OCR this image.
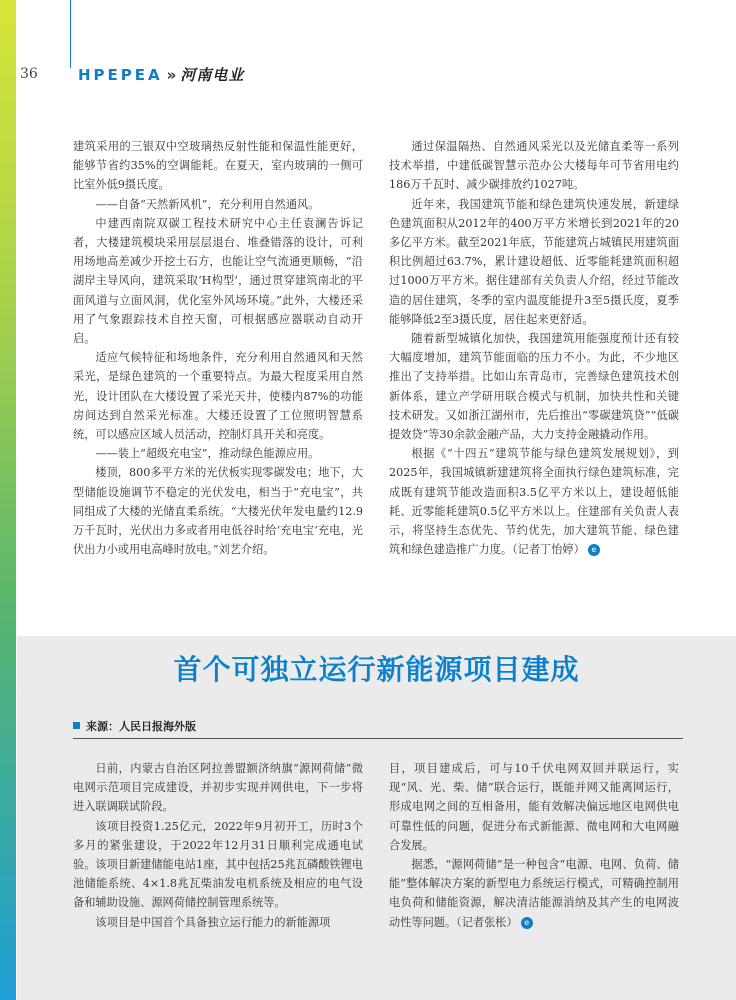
36	HPEPEA » 河南电业

建筑采用的三银双中空玻璃热反射性能和保温性能更好，能够节省约35%的空调能耗。在夏天，室内玻璃的一侧可比室外低9摄氏度。

——自备“天然新风机”，充分利用自然通风。

中建西南院双碳工程技术研究中心主任袁澜告诉记者，大楼建筑模块采用层层退台、堆叠错落的设计，可利用场地高差减少开挖土石方，也能让空气流通更顺畅，“沿湖岸主导风向，建筑采取‘H构型’，通过贯穿建筑南北的平面风道与立面风洞，优化室外风场环境。”此外，大楼还采用了气象跟踪技术自控天窗，可根据感应器联动自动开启。

适应气候特征和场地条件，充分利用自然通风和天然采光，是绿色建筑的一个重要特点。为最大程度采用自然光，设计团队在大楼设置了采光天井，使楼内87%的功能房间达到自然采光标准。大楼还设置了工位照明智慧系统，可以感应区域人员活动，控制灯具开关和亮度。

——装上“超级充电宝”，推动绿色能源应用。

楼顶，800多平方米的光伏板实现零碳发电；地下，大型储能设施调节不稳定的光伏发电，相当于“充电宝”，共同组成了大楼的光储直柔系统。“大楼光伏年发电量约12.9万千瓦时，光伏出力多或者用电低谷时给‘充电宝’充电，光伏出力小或用电高峰时放电。”刘艺介绍。

通过保温隔热、自然通风采光以及光储直柔等一系列技术举措，中建低碳智慧示范办公大楼每年可节省用电约186万千瓦时、减少碳排放约1027吨。

近年来，我国建筑节能和绿色建筑快速发展，新建绿色建筑面积从2012年的400万平方米增长到2021年的20多亿平方米。截至2021年底，节能建筑占城镇民用建筑面积比例超过63.7%，累计建设超低、近零能耗建筑面积超过1000万平方米。据住建部有关负责人介绍，经过节能改造的居住建筑，冬季的室内温度能提升3至5摄氏度，夏季能够降低2至3摄氏度，居住起来更舒适。

随着新型城镇化加快，我国建筑用能强度预计还有较大幅度增加，建筑节能面临的压力不小。为此，不少地区推出了支持举措。比如山东青岛市，完善绿色建筑技术创新体系，建立产学研用联合模式与机制，加快共性和关键技术研发。又如浙江湖州市，先后推出“零碳建筑贷”“低碳提效贷”等30余款金融产品，大力支持金融撬动作用。

根据《“十四五”建筑节能与绿色建筑发展规划》，到2025年，我国城镇新建建筑将全面执行绿色建筑标准，完成既有建筑节能改造面积3.5亿平方米以上，建设超低能耗、近零能耗建筑0.5亿平方米以上。住建部有关负责人表示，将坚持生态优先、节约优先，加大建筑节能、绿色建筑和绿色建造推广力度。（记者丁怡婷） e

首个可独立运行新能源项目建成
来源：人民日报海外版

日前，内蒙古自治区阿拉善盟额济纳旗“源网荷储”微电网示范项目完成建设，并初步实现并网供电，下一步将进入联调联试阶段。

该项目投资1.25亿元，2022年9月初开工，历时3个多月的紧张建设，于2022年12月31日顺利完成通电试验。该项目新建储能电站1座，其中包括25兆瓦磷酸铁锂电池储能系统、4×1.8兆瓦柴油发电机系统及相应的电气设备和辅助设施、源网荷储控制管理系统等。

该项目是中国首个具备独立运行能力的新能源项

目，项目建成后，可与10千伏电网双回并联运行，实现“风、光、柴、储”联合运行，既能并网又能离网运行，形成电网之间的互相备用，能有效解决偏远地区电网供电可靠性低的问题，促进分布式新能源、微电网和大电网融合发展。

据悉，“源网荷储”是一种包含“电源、电网、负荷、储能”整体解决方案的新型电力系统运行模式，可精确控制用电负荷和储能资源，解决清洁能源消纳及其产生的电网波动性等问题。（记者张枨） e
